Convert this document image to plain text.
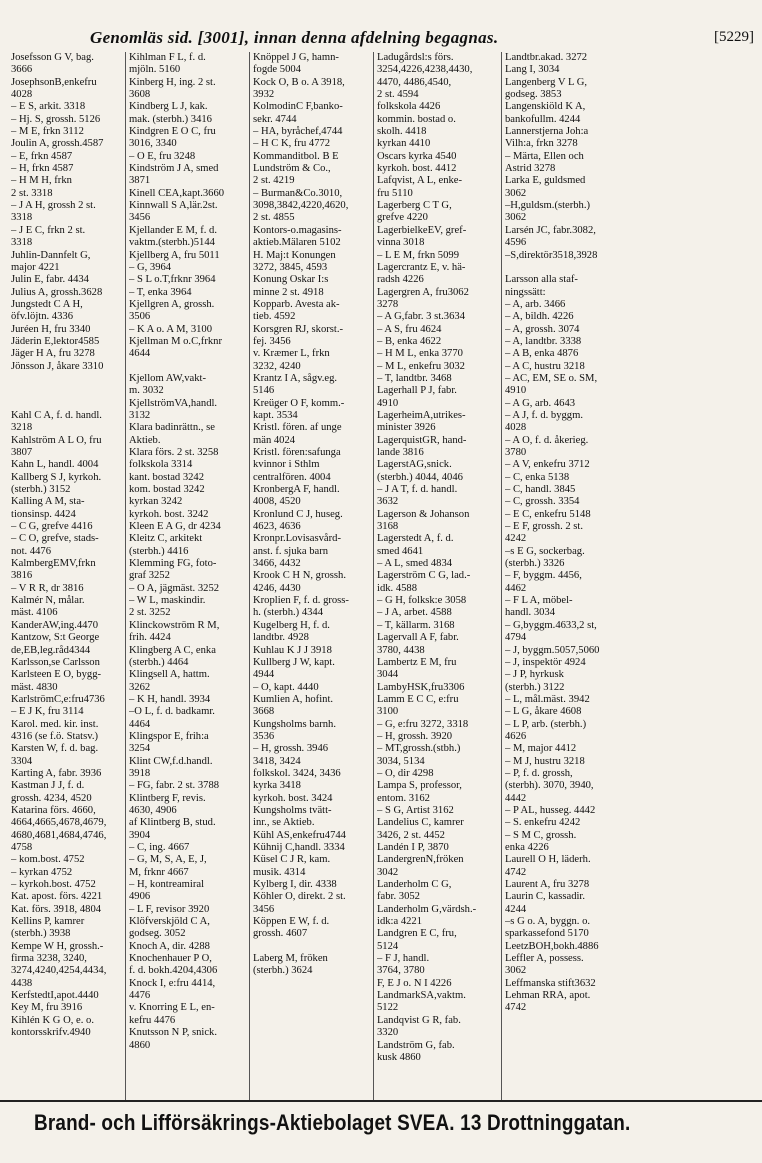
Genomläs sid. [3001], innan denna afdelning begagnas.	[5229]
Josefsson G V, bag.
3666
JosephsonB,enkefru
4028
– E S, arkit. 3318
– Hj. S, grossh. 5126
– M E, frkn 3112
Joulin A, grossh.4587
– E, frkn 4587
– H, frkn 4587
– H M H, frkn
2 st. 3318
– J A H, grossh 2 st.
3318
– J E C, frkn 2 st.
3318
Juhlin-Dannfelt G,
major 4221
Julin E, fabr. 4434
Julius A, grossh.3628
Jungstedt C A H,
öfv.löjtn. 4336
Juréen H, fru 3340
Jäderin E,lektor4585
Jäger H A, fru 3278
Jönsson J, åkare 3310
Kahl C A, f. d. handl.
3218
Kahlström A L O, fru
3807
Kahn L, handl. 4004
Kallberg S J, kyrkoh.
(sterbh.) 3152
Kalling A M, sta-
tionsinsp. 4424
– C G, grefve 4416
– C O, grefve, stads-
not. 4476
KalmbergEMV,frkn
3816
– V R R, dr 3816
Kalmér N, målar.
mäst. 4106
KanderAW,ing.4470
Kantzow, S:t George
de,EB,leg.råd4344
Karlsson,se Carlsson
Karlsteen E O, bygg-
mäst. 4830
KarlströmC,e:fru4736
– E J K, fru 3114
Karol. med. kir. inst.
4316 (se f.ö. Statsv.)
Karsten W, f. d. bag.
3304
Karting A, fabr. 3936
Kastman J J, f. d.
grossh. 4234, 4520
Katarina förs. 4660,
4664,4665,4678,4679,
4680,4681,4684,4746,
4758
– kom.bost. 4752
– kyrkan 4752
– kyrkoh.bost. 4752
Kat. apost. förs. 4221
Kat. förs. 3918, 4804
Kellins P, kamrer
(sterbh.) 3938
Kempe W H, grossh.-
firma 3238, 3240,
3274,4240,4254,4434,
4438
KerfstedtI,apot.4440
Key M, fru 3916
Kihlén K G O, e. o.
kontorsskrifv.4940
Kihlman F L, f. d.
mjöln. 5160
Kinberg H, ing. 2 st.
3608
Kindberg L J, kak.
mak. (sterbh.) 3416
Kindgren E O C, fru
3016, 3340
– O E, fru 3248
Kindström J A, smed
3871
Kinell CEA,kapt.3660
Kinnwall S A,lär.2st.
3456
Kjellander E M, f. d.
vaktm.(sterbh.)5144
Kjellberg A, fru 5011
– G, 3964
– S L o.T,frknr 3964
– T, enka 3964
Kjellgren A, grossh.
3506
– K A o. A M, 3100
Kjellman M o.C,frknr
4644
Kjellom AW,vakt-
m. 3032
KjellströmVA,handl.
3132
Klara badinrättn., se
Aktieb.
Klara förs. 2 st. 3258
folkskola 3314
kant. bostad 3242
kom. bostad 3242
kyrkan 3242
kyrkoh. bost. 3242
Kleen E A G, dr 4234
Kleitz C, arkitekt
(sterbh.) 4416
Klemming FG, foto-
graf 3252
– O A, jägmäst. 3252
– W L, maskindir.
2 st. 3252
Klinckowström R M,
frih. 4424
Klingberg A C, enka
(sterbh.) 4464
Klingsell A, hattm.
3262
– K H, handl. 3934
–O L, f. d. badkamr.
4464
Klingspor E, frih:a
3254
Klint CW,f.d.handl.
3918
– FG, fabr. 2 st. 3788
Klintberg F, revis.
4630, 4906
af Klintberg B, stud.
3904
– C, ing. 4667
– G, M, S, A, E, J,
M, frknr 4667
– H, kontreamiral
4906
– L F, revisor 3920
Klöfverskjöld C A,
godseg. 3052
Knoch A, dir. 4288
Knochenhauer P O,
f. d. bokh.4204,4306
Knock I, e:fru 4414,
4476
v. Knorring E L, en-
kefru 4476
Knutsson N P, snick.
4860
Knöppel J G, hamn-
fogde 5004
Kock O, B o. A 3918,
3932
KolmodinC F,banko-
sekr. 4744
– HA, byråchef,4744
– H C K, fru 4772
Kommanditbol. B E
Lundström & Co.,
2 st. 4219
– Burman&Co.3010,
3098,3842,4220,4620,
2 st. 4855
Kontors-o.magasins-
aktieb.Mälaren 5102
H. Maj:t Konungen
3272, 3845, 4593
Konung Oskar I:s
minne 2 st. 4918
Kopparb. Avesta ak-
tieb. 4592
Korsgren RJ, skorst.-
fej. 3456
v. Kræmer L, frkn
3232, 4240
Krantz I A, sågv.eg.
5146
Kreüger O F, komm.-
kapt. 3534
Kristl. fören. af unge
män 4024
Kristl. fören:safunga
kvinnor i Sthlm
centralfören. 4004
KronbergA F, handl.
4008, 4520
Kronlund C J, huseg.
4623, 4636
Kronpr.Lovisasvård-
anst. f. sjuka barn
3466, 4432
Krook C H N, grossh.
4246, 4430
Kroplien F, f. d. gross-
h. (sterbh.) 4344
Kugelberg H, f. d.
landtbr. 4928
Kuhlau K J J 3918
Kullberg J W, kapt.
4944
– O, kapt. 4440
Kumlien A, hofint.
3668
Kungsholms barnh.
3536
– H, grossh. 3946
3418, 3424
folkskol. 3424, 3436
kyrka 3418
kyrkoh. bost. 3424
Kungsholms tvätt-
inr., se Aktieb.
Kühl AS,enkefru4744
Kühnij C,handl. 3334
Küsel C J R, kam.
musik. 4314
Kylberg I, dir. 4338
Köhler O, direkt. 2 st.
3456
Köppen E W, f. d.
grossh. 4607
Laberg M, fröken
(sterbh.) 3624
Ladugårdsl:s förs.
3254,4226,4238,4430,
4470, 4486,4540,
2 st. 4594
folkskola 4426
kommin. bostad o.
skolh. 4418
kyrkan 4410
Oscars kyrka 4540
kyrkoh. bost. 4412
Lafqvist, A L, enke-
fru 5110
Lagerberg C T G,
grefve 4220
LagerbielkeEV, gref-
vinna 3018
– L E M, frkn 5099
Lagercrantz E, v. hä-
radsh 4226
Lagergren A, fru3062
3278
– A G,fabr. 3 st.3634
– A S, fru 4624
– B, enka 4622
– H M L, enka 3770
– M L, enkefru 3032
– T, landtbr. 3468
Lagerhall P J, fabr.
4910
LagerheimA,utrikes-
minister 3926
LagerquistGR, hand-
lande 3816
LagerstAG,snick.
(sterbh.) 4044, 4046
– J A T, f. d. handl.
3632
Lagerson & Johanson
3168
Lagerstedt A, f. d.
smed 4641
– A L, smed 4834
Lagerström C G, lad.-
idk. 4588
– G H, folksk:e 3058
– J A, arbet. 4588
– T, källarm. 3168
Lagervall A F, fabr.
3780, 4438
Lambertz E M, fru
3044
LambyHSK,fru3306
Lamm E C C, e:fru
3100
– G, e:fru 3272, 3318
– H, grossh. 3920
– MT,grossh.(stbh.)
3034, 5134
– O, dir 4298
Lampa S, professor,
entom. 3162
– S G, Artist 3162
Landelius C, kamrer
3426, 2 st. 4452
Landén I P, 3870
LandergrenN,fröken
3042
Landerholm C G,
fabr. 3052
Landerholm G,värdsh.-
idk:a 4221
Landgren E C, fru,
5124
– F J, handl.
3764, 3780
F, E J o. N I 4226
LandmarkSA,vaktm.
5122
Landqvist G R, fab.
3320
Landström G, fab.
kusk 4860
Landtbr.akad. 3272
Lang I, 3034
Langenberg V L G,
godseg. 3853
Langenskiöld K A,
bankofullm. 4244
Lannerstjerna Joh:a
Vilh:a, frkn 3278
– Märta, Ellen och
Astrid 3278
Larka E, guldsmed
3062
–H,guldsm.(sterbh.)
3062
Larsén JC, fabr.3082,
4596
–S,direktör3518,3928
Larsson alla staf-
ningssätt:
– A, arb. 3466
– A, bildh. 4226
– A, grossh. 3074
– A, landtbr. 3338
– A B, enka 4876
– A C, hustru 3218
– AC, EM, SE o. SM,
4910
– A G, arb. 4643
– A J, f. d. byggm.
4028
– A O, f. d. åkerieg.
3780
– A V, enkefru 3712
– C, enka 5138
– C, handl. 3845
– C, grossh. 3354
– E C, enkefru 5148
– E F, grossh. 2 st.
4242
–s E G, sockerbag.
(sterbh.) 3326
– F, byggm. 4456,
4462
– F L A, möbel-
handl. 3034
– G,byggm.4633,2 st,
4794
– J, byggm.5057,5060
– J, inspektör 4924
– J P, hyrkusk
(sterbh.) 3122
– L, mål.mäst. 3942
– L G, åkare 4608
– L P, arb. (sterbh.)
4626
– M, major 4412
– M J, hustru 3218
– P, f. d. grossh,
(sterbh). 3070, 3940,
4442
– P AL, husseg. 4442
– S. enkefru 4242
– S M C, grossh.
enka 4226
Laurell O H, läderh.
4742
Laurent A, fru 3278
Laurin C, kassadir.
4244
–s G o. A, byggn. o.
sparkassefond 5170
LeetzBOH,bokh.4886
Leffler A, possess.
3062
Leffmanska stift3632
Lehman RRA, apot.
4742
Brand- och Lifförsäkrings-Aktiebolaget SVEA. 13 Drottninggatan.
